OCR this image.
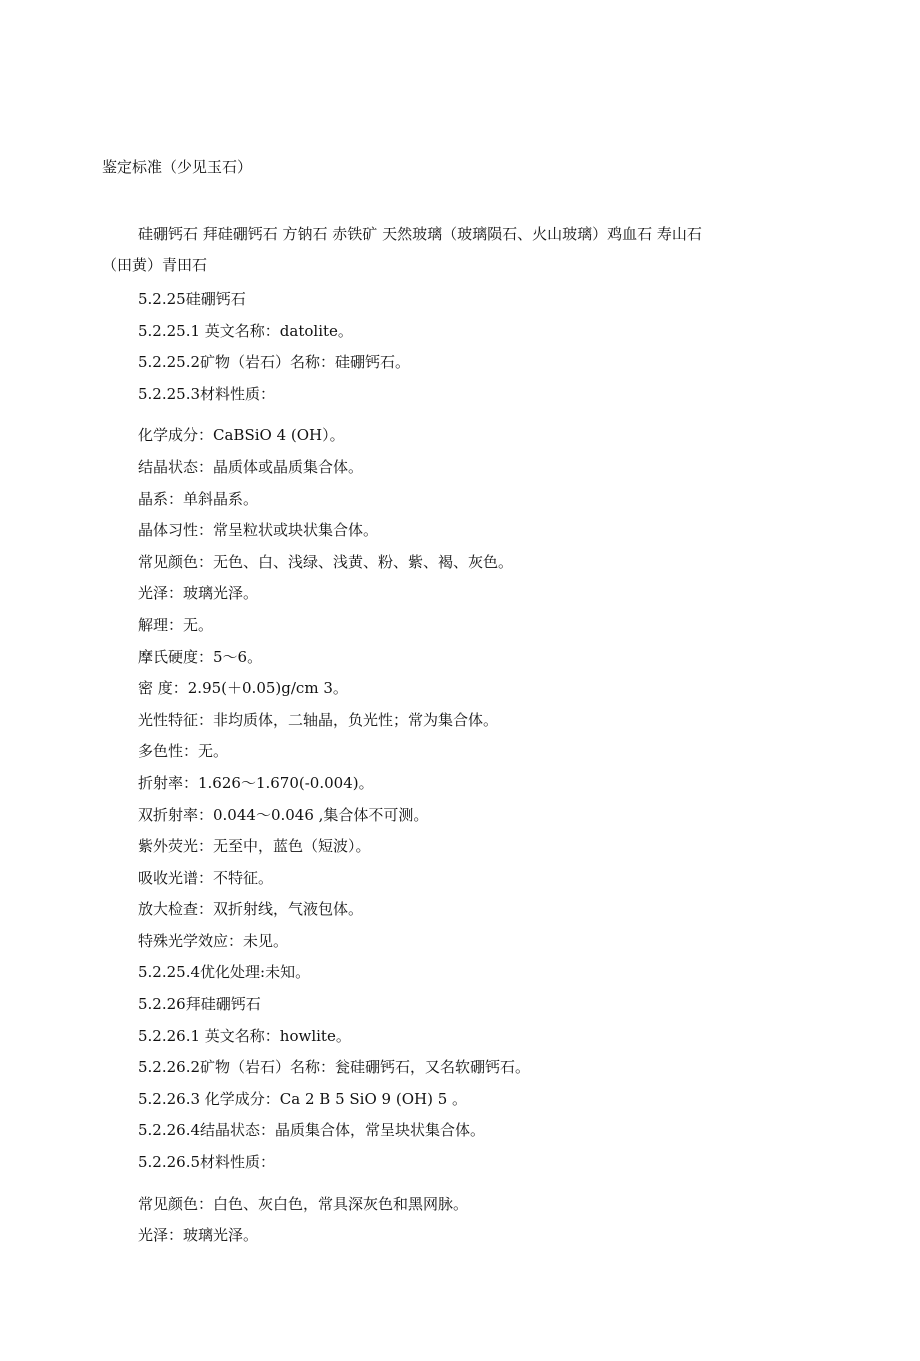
鉴定标准（少见玉石）
硅硼钙石 拜硅硼钙石 方钠石 赤铁矿 天然玻璃（玻璃陨石、火山玻璃）鸡血石 寿山石（田黄）青田石
5.2.25硅硼钙石
5.2.25.1 英文名称：datolite。
5.2.25.2矿物（岩石）名称：硅硼钙石。
5.2.25.3材料性质：
化学成分：CaBSiO 4 (OH）。
结晶状态：晶质体或晶质集合体。
晶系：单斜晶系。
晶体习性：常呈粒状或块状集合体。
常见颜色：无色、白、浅绿、浅黄、粉、紫、褐、灰色。
光泽：玻璃光泽。
解理：无。
摩氏硬度：5～6。
密 度：2.95(＋0.05)g/cm 3。
光性特征：非均质体，二轴晶，负光性；常为集合体。
多色性：无。
折射率：1.626～1.670(-0.004)。
双折射率：0.044～0.046 ,集合体不可测。
紫外荧光：无至中，蓝色（短波）。
吸收光谱：不特征。
放大检查：双折射线，气液包体。
特殊光学效应：未见。
5.2.25.4优化处理:未知。
5.2.26拜硅硼钙石
5.2.26.1 英文名称：howlite。
5.2.26.2矿物（岩石）名称：瓮硅硼钙石，又名软硼钙石。
5.2.26.3 化学成分：Ca 2 B 5 SiO 9 (OH) 5 。
5.2.26.4结晶状态：晶质集合体，常呈块状集合体。
5.2.26.5材料性质：
常见颜色：白色、灰白色，常具深灰色和黑网脉。
光泽：玻璃光泽。
